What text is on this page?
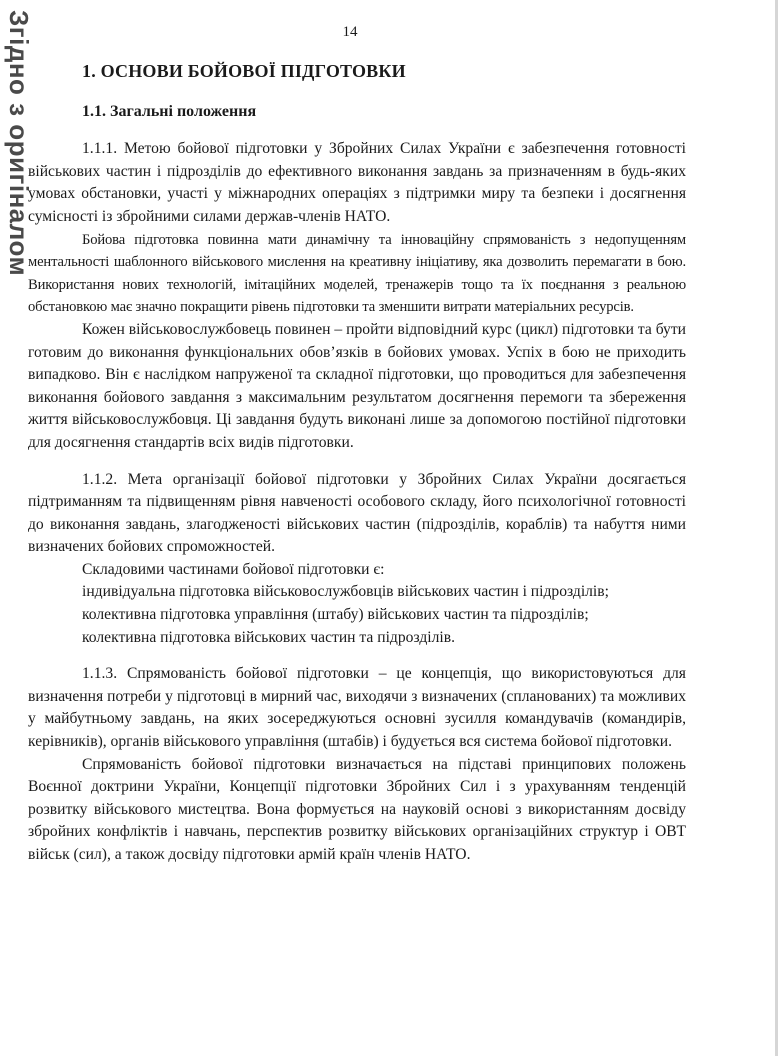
Згідно з оригіналом	14

1. ОСНОВИ БОЙОВОЇ ПІДГОТОВКИ

1.1. Загальні положення

1.1.1. Метою бойової підготовки у Збройних Силах України є забезпечення готовності військових частин і підрозділів до ефективного виконання завдань за призначенням в будь-яких умовах обстановки, участі у міжнародних операціях з підтримки миру та безпеки і досягнення сумісності із збройними силами держав-членів НАТО.

Бойова підготовка повинна мати динамічну та інноваційну спрямованість з недопущенням ментальності шаблонного військового мислення на креативну ініціативу, яка дозволить перемагати в бою. Використання нових технологій, імітаційних моделей, тренажерів тощо та їх поєднання з реальною обстановкою має значно покращити рівень підготовки та зменшити витрати матеріальних ресурсів.

Кожен військовослужбовець повинен – пройти відповідний курс (цикл) підготовки та бути готовим до виконання функціональних обов’язків в бойових умовах. Успіх в бою не приходить випадково. Він є наслідком напруженої та складної підготовки, що проводиться для забезпечення виконання бойового завдання з максимальним результатом досягнення перемоги та збереження життя військовослужбовця. Ці завдання будуть виконані лише за допомогою постійної підготовки для досягнення стандартів всіх видів підготовки.

1.1.2. Мета організації бойової підготовки у Збройних Силах України досягається підтриманням та підвищенням рівня навченості особового складу, його психологічної готовності до виконання завдань, злагодженості військових частин (підрозділів, кораблів) та набуття ними визначених бойових спроможностей.

Складовими частинами бойової підготовки є:

індивідуальна підготовка військовослужбовців військових частин і підрозділів;

колективна підготовка управління (штабу) військових частин та підрозділів;

колективна підготовка військових частин та підрозділів.

1.1.3. Спрямованість бойової підготовки – це концепція, що використовуються для визначення потреби у підготовці в мирний час, виходячи з визначених (спланованих) та можливих у майбутньому завдань, на яких зосереджуються основні зусилля командувачів (командирів, керівників), органів військового управління (штабів) і будується вся система бойової підготовки.

Спрямованість бойової підготовки визначається на підставі принципових положень Воєнної доктрини України, Концепції підготовки Збройних Сил і з урахуванням тенденцій розвитку військового мистецтва. Вона формується на науковій основі з використанням досвіду збройних конфліктів і навчань, перспектив розвитку військових організаційних структур і ОВТ військ (сил), а також досвіду підготовки армій країн членів НАТО.
